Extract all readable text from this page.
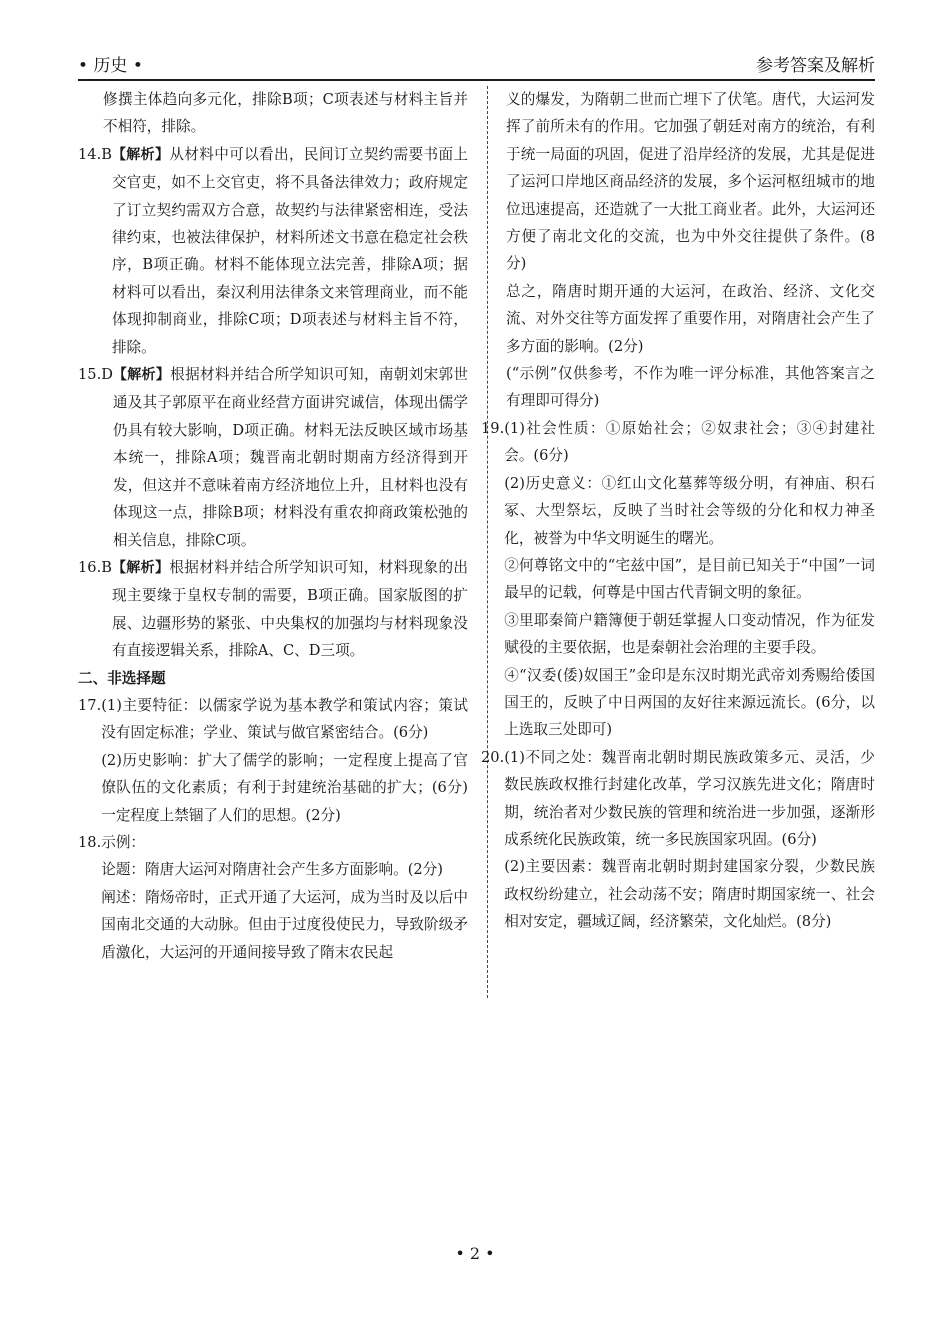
• 历史 •	参考答案及解析

修撰主体趋向多元化，排除B项；C项表述与材料主旨并不相符，排除。

14.B 【解析】从材料中可以看出，民间订立契约需要书面上交官吏，如不上交官吏，将不具备法律效力；政府规定了订立契约需双方合意，故契约与法律紧密相连，受法律约束，也被法律保护，材料所述文书意在稳定社会秩序，B项正确。材料不能体现立法完善，排除A项；据材料可以看出，秦汉利用法律条文来管理商业，而不能体现抑制商业，排除C项；D项表述与材料主旨不符，排除。
15.D 【解析】根据材料并结合所学知识可知，南朝刘宋郭世通及其子郭原平在商业经营方面讲究诚信，体现出儒学仍具有较大影响，D项正确。材料无法反映区域市场基本统一，排除A项；魏晋南北朝时期南方经济得到开发，但这并不意味着南方经济地位上升，且材料也没有体现这一点，排除B项；材料没有重农抑商政策松弛的相关信息，排除C项。
16.B 【解析】根据材料并结合所学知识可知，材料现象的出现主要缘于皇权专制的需要，B项正确。国家版图的扩展、边疆形势的紧张、中央集权的加强均与材料现象没有直接逻辑关系，排除A、C、D三项。
二、非选择题
17. (1)主要特征：以儒家学说为基本教学和策试内容；策试没有固定标准；学业、策试与做官紧密结合。(6分)
(2)历史影响：扩大了儒学的影响；一定程度上提高了官僚队伍的文化素质；有利于封建统治基础的扩大；(6分)一定程度上禁锢了人们的思想。(2分)
18. 示例：
论题：隋唐大运河对隋唐社会产生多方面影响。(2分)
阐述：隋炀帝时，正式开通了大运河，成为当时及以后中国南北交通的大动脉。但由于过度役使民力，导致阶级矛盾激化，大运河的开通间接导致了隋末农民起

义的爆发，为隋朝二世而亡埋下了伏笔。唐代，大运河发挥了前所未有的作用。它加强了朝廷对南方的统治，有利于统一局面的巩固，促进了沿岸经济的发展，尤其是促进了运河口岸地区商品经济的发展，多个运河枢纽城市的地位迅速提高，还造就了一大批工商业者。此外，大运河还方便了南北文化的交流，也为中外交往提供了条件。(8分)

总之，隋唐时期开通的大运河，在政治、经济、文化交流、对外交往等方面发挥了重要作用，对隋唐社会产生了多方面的影响。(2分)

(“示例”仅供参考，不作为唯一评分标准，其他答案言之有理即可得分)

19. (1)社会性质：①原始社会；②奴隶社会；③④封建社会。(6分)
(2)历史意义：①红山文化墓葬等级分明，有神庙、积石冢、大型祭坛，反映了当时社会等级的分化和权力神圣化，被誉为中华文明诞生的曙光。
②何尊铭文中的“宅兹中国”，是目前已知关于“中国”一词最早的记载，何尊是中国古代青铜文明的象征。
③里耶秦简户籍簿便于朝廷掌握人口变动情况，作为征发赋役的主要依据，也是秦朝社会治理的主要手段。
④“汉委(倭)奴国王”金印是东汉时期光武帝刘秀赐给倭国国王的，反映了中日两国的友好往来源远流长。(6分，以上选取三处即可)
20. (1)不同之处：魏晋南北朝时期民族政策多元、灵活，少数民族政权推行封建化改革，学习汉族先进文化；隋唐时期，统治者对少数民族的管理和统治进一步加强，逐渐形成系统化民族政策，统一多民族国家巩固。(6分)
(2)主要因素：魏晋南北朝时期封建国家分裂，少数民族政权纷纷建立，社会动荡不安；隋唐时期国家统一、社会相对安定，疆域辽阔，经济繁荣，文化灿烂。(8分)
• 2 •
